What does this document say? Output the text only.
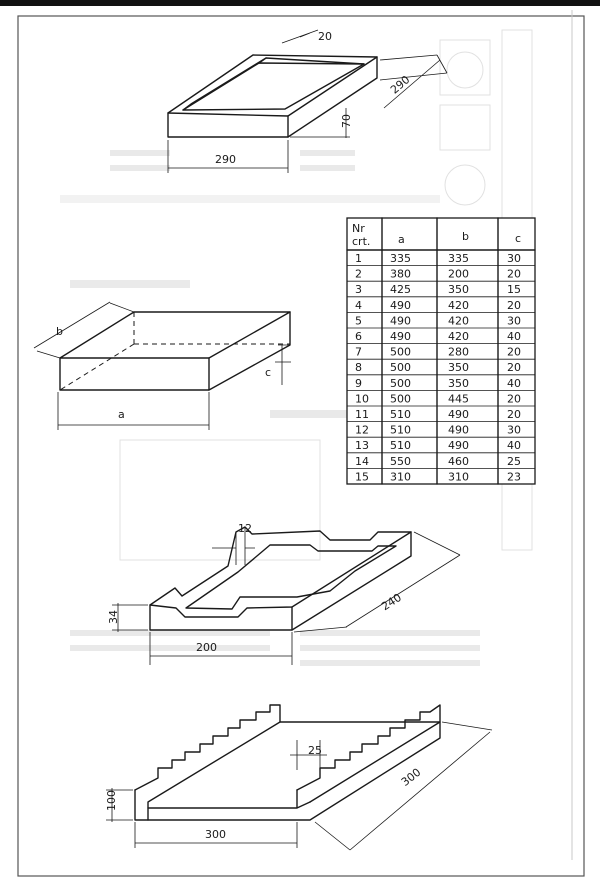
20
290
70
290
b
c
a
Nr
crt.	a	b	c
1	335	335	30
2	380	200	20
3	425	350	15
4	490	420	20
5	490	420	30
6	490	420	40
7	500	280	20
8	500	350	20
9	500	350	40
10 500	445	20
11 510	490	20
12 510	490	30
13 510	490	40
14 550	460	25
15 310	310	23
12
240
34
200
25
300
100
300
